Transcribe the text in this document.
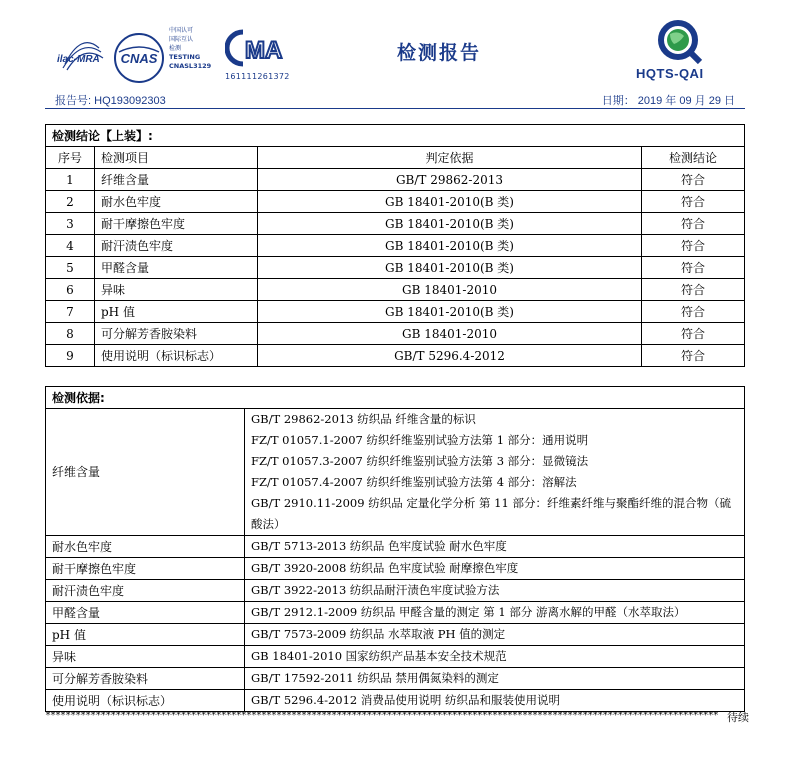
ilac-MRA CNAS
中国认可
国际互认
检测
TESTING
CNASL3129
MA
161111261372
检测报告
HQTS-QAI
报告号: HQ193092303	日期： 2019 年 09 月 29 日
检测结论【上装】:			
序号	检测项目	判定依据	检测结论
1	纤维含量	GB/T 29862-2013	符合
2	耐水色牢度	GB 18401-2010(B 类)	符合
3	耐干摩擦色牢度	GB 18401-2010(B 类)	符合
4	耐汗渍色牢度	GB 18401-2010(B 类)	符合
5	甲醛含量	GB 18401-2010(B 类)	符合
6	异味	GB 18401-2010	符合
7	pH 值	GB 18401-2010(B 类)	符合
8	可分解芳香胺染料	GB 18401-2010	符合
9	使用说明（标识标志）	GB/T 5296.4-2012	符合
检测依据:	
纤维含量	GB/T 29862-2013 纺织品 纤维含量的标识
FZ/T 01057.1-2007 纺织纤维鉴别试验方法第 1 部分：通用说明
FZ/T 01057.3-2007 纺织纤维鉴别试验方法第 3 部分：显微镜法
FZ/T 01057.4-2007 纺织纤维鉴别试验方法第 4 部分：溶解法
GB/T 2910.11-2009 纺织品 定量化学分析 第 11 部分：纤维素纤维与聚酯纤维的混合物（硫酸法）

耐水色牢度	GB/T 5713-2013 纺织品 色牢度试验 耐水色牢度
耐干摩擦色牢度	GB/T 3920-2008 纺织品 色牢度试验 耐摩擦色牢度
耐汗渍色牢度	GB/T 3922-2013 纺织品耐汗渍色牢度试验方法
甲醛含量	GB/T 2912.1-2009 纺织品 甲醛含量的测定 第 1 部分 游离水解的甲醛（水萃取法）
pH 值	GB/T 7573-2009 纺织品 水萃取液 PH 值的测定
异味	GB 18401-2010 国家纺织产品基本安全技术规范
可分解芳香胺染料	GB/T 17592-2011 纺织品 禁用偶氮染料的测定
使用说明（标识标志）	GB/T 5296.4-2012 消费品使用说明 纺织品和服装使用说明
************************************************************************************************************************************** 待续
